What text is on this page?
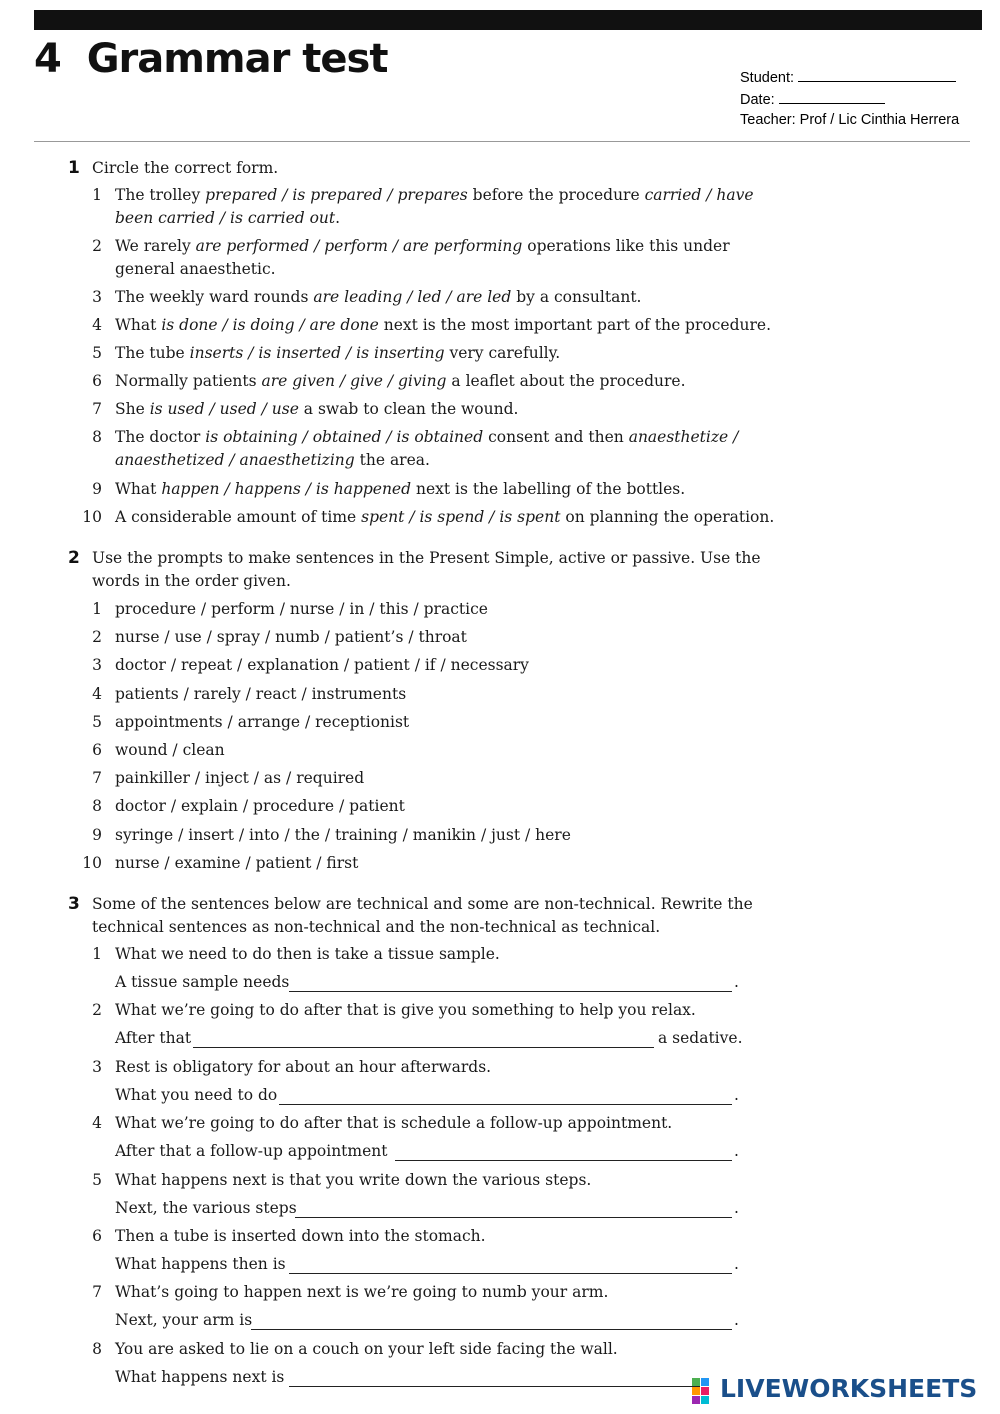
4 Grammar test	Student:
Date:
Teacher: Prof / Lic Cinthia Herrera
1 Circle the correct form.
1 The trolley prepared / is prepared / prepares before the procedure carried / have
been carried / is carried out.
2 We rarely are performed / perform / are performing operations like this under
general anaesthetic.
3 The weekly ward rounds are leading / led / are led by a consultant.
4 What is done / is doing / are done next is the most important part of the procedure.
5 The tube inserts / is inserted / is inserting very carefully.
6 Normally patients are given / give / giving a leaflet about the procedure.
7 She is used / used / use a swab to clean the wound.
8 The doctor is obtaining / obtained / is obtained consent and then anaesthetize /
anaesthetized / anaesthetizing the area.
9 What happen / happens / is happened next is the labelling of the bottles.
10 A considerable amount of time spent / is spend / is spent on planning the operation.
2 Use the prompts to make sentences in the Present Simple, active or passive. Use the
words in the order given.
1 procedure / perform / nurse / in / this / practice
2 nurse / use / spray / numb / patient’s / throat
3 doctor / repeat / explanation / patient / if / necessary
4 patients / rarely / react / instruments
5 appointments / arrange / receptionist
6 wound / clean
7 painkiller / inject / as / required
8 doctor / explain / procedure / patient
9 syringe / insert / into / the / training / manikin / just / here
10 nurse / examine / patient / first
3 Some of the sentences below are technical and some are non-technical. Rewrite the
technical sentences as non-technical and the non-technical as technical.
1 What we need to do then is take a tissue sample.
A tissue sample needs	.
2 What we’re going to do after that is give you something to help you relax.
After that	a sedative.
3 Rest is obligatory for about an hour afterwards.
What you need to do	.
4 What we’re going to do after that is schedule a follow-up appointment.
After that a follow-up appointment	.
5 What happens next is that you write down the various steps.
Next, the various steps	.
6 Then a tube is inserted down into the stomach.
What happens then is	.
7 What’s going to happen next is we’re going to numb your arm.
Next, your arm is	.
8 You are asked to lie on a couch on your left side facing the wall.
What happens next is	LIVEWORKSHEETS
